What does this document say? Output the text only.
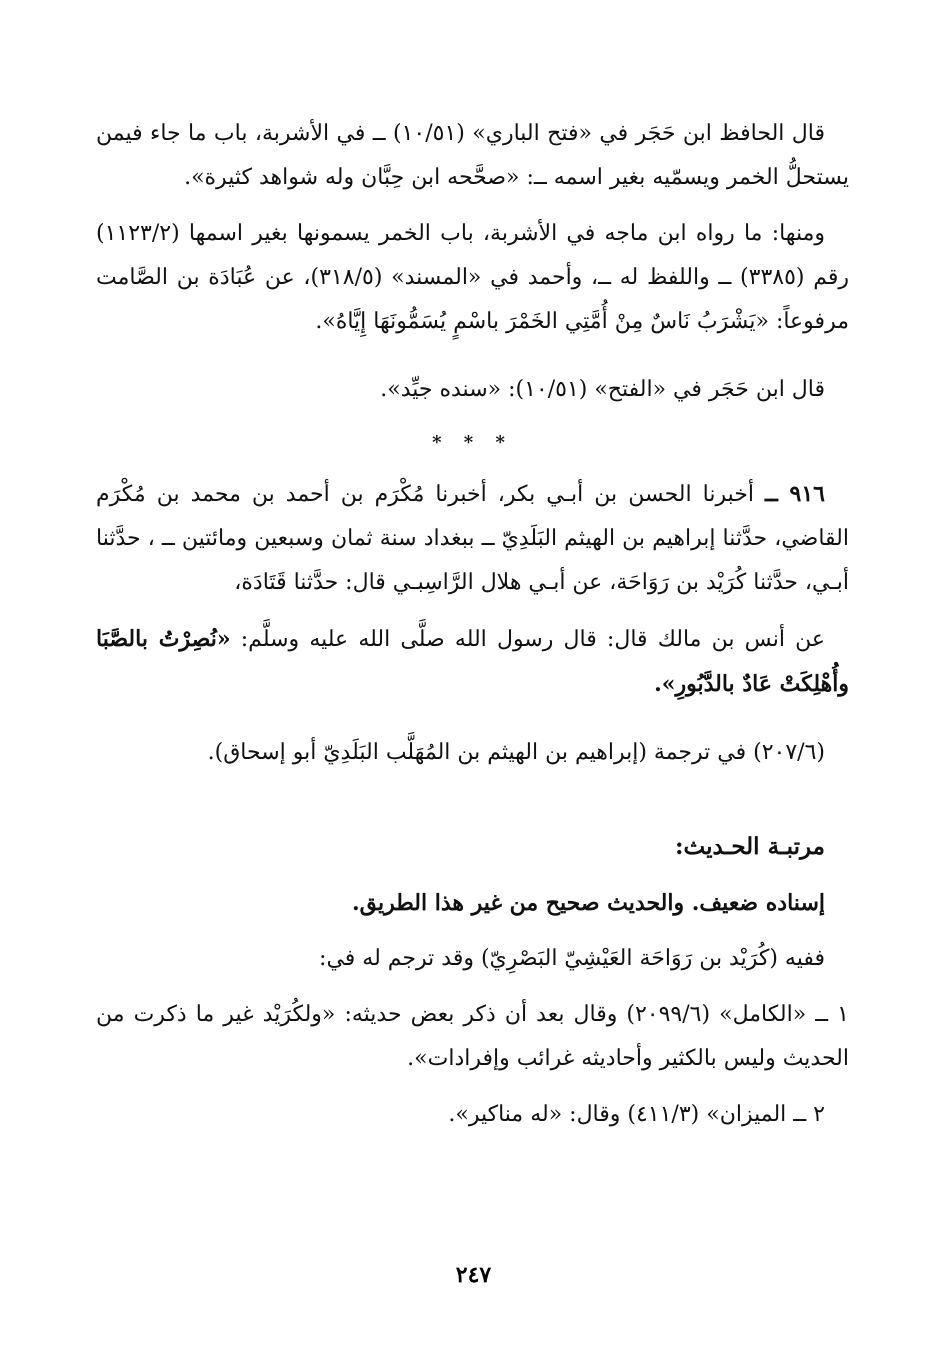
قال الحافظ ابن حَجَر في «فتح الباري» (١٠/٥١) ــ في الأشربة، باب ما جاء فيمن يستحلُّ الخمر ويسمّيه بغير اسمه ــ: «صحَّحه ابن حِبَّان وله شواهد كثيرة».

ومنها: ما رواه ابن ماجه في الأشربة، باب الخمر يسمونها بغير اسمها (١١٢٣/٢) رقم (٣٣٨٥) ــ واللفظ له ــ، وأحمد في «المسند» (٣١٨/٥)، عن عُبَادَة بن الصَّامت مرفوعاً: «يَشْرَبُ نَاسٌ مِنْ أُمَّتِي الخَمْرَ باسْمٍ يُسَمُّونَهَا إِيَّاهُ».

قال ابن حَجَر في «الفتح» (١٠/٥١): «سنده جيِّد».

* * *

٩١٦ ــ أخبرنا الحسن بن أبـي بكر، أخبرنا مُكْرَم بن أحمد بن محمد بن مُكْرَم القاضي، حدَّثنا إبراهيم بن الهيثم البَلَدِيّ ــ ببغداد سنة ثمان وسبعين ومائتين ــ ، حدَّثنا أبـي، حدَّثنا كُرَيْد بن رَوَاحَة، عن أبـي هلال الرَّاسِبـي قال: حدَّثنا قَتَادَة،

عن أنس بن مالك قال: قال رسول الله صلَّى الله عليه وسلَّم: «نُصِرْتُ بالصَّبَا وأُهْلِكَتْ عَادٌ بالدَّبُورِ».

(٢٠٧/٦) في ترجمة (إبراهيم بن الهيثم بن المُهَلَّب البَلَدِيّ أبو إسحاق).

مرتبـة الحـديث:

إسناده ضعيف. والحديث صحيح من غير هذا الطريق.

ففيه (كُرَيْد بن رَوَاحَة العَيْشِيّ البَصْرِيّ) وقد ترجم له في:

١ ــ «الكامل» (٢٠٩٩/٦) وقال بعد أن ذكر بعض حديثه: «ولكُرَيْد غير ما ذكرت من الحديث وليس بالكثير وأحاديثه غرائب وإفرادات».

٢ ــ الميزان» (٤١١/٣) وقال: «له مناكير».

٢٤٧
